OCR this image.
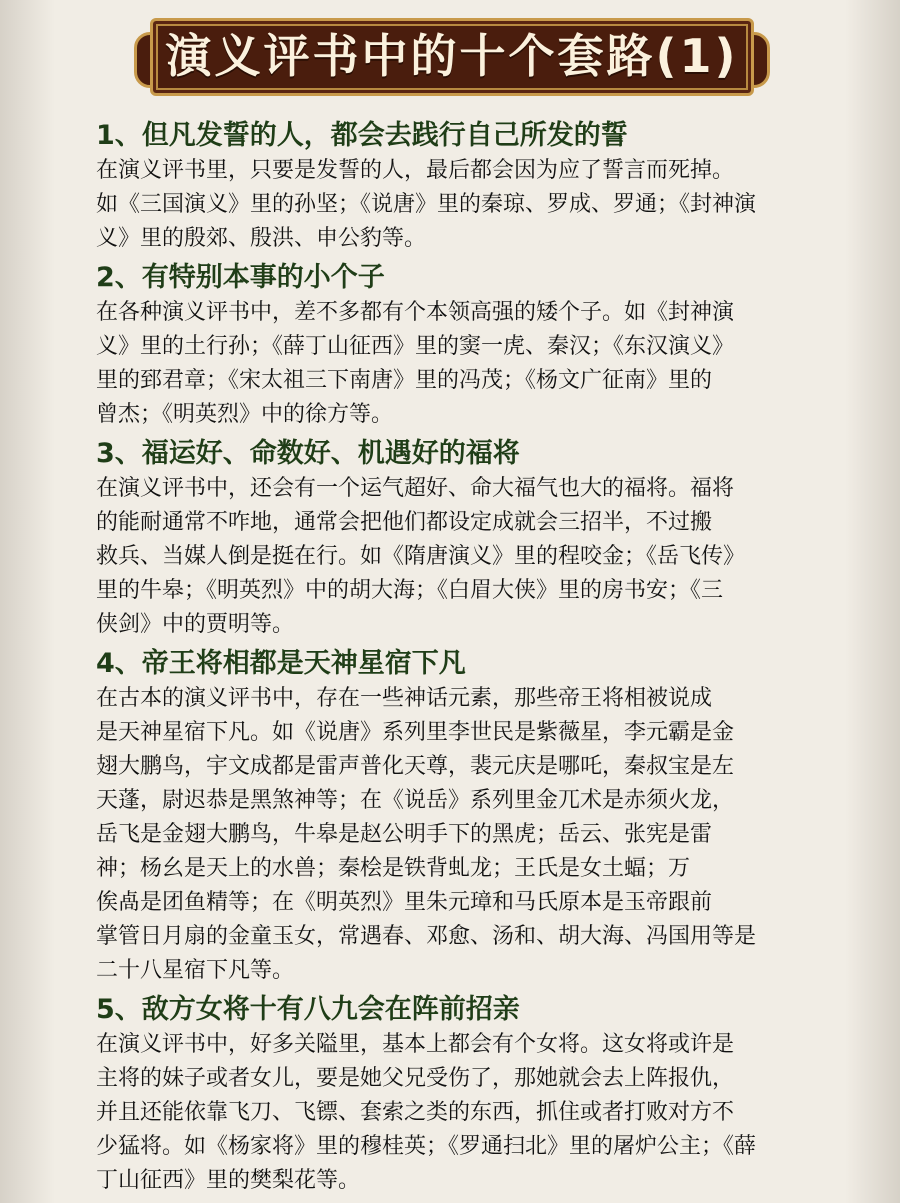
演义评书中的十个套路(1)
1、但凡发誓的人，都会去践行自己所发的誓
在演义评书里，只要是发誓的人，最后都会因为应了誓言而死掉。
如《三国演义》里的孙坚；《说唐》里的秦琼、罗成、罗通；《封神演
义》里的殷郊、殷洪、申公豹等。
2、有特别本事的小个子
在各种演义评书中，差不多都有个本领高强的矮个子。如《封神演
义》里的土行孙；《薛丁山征西》里的窦一虎、秦汉；《东汉演义》
里的郅君章；《宋太祖三下南唐》里的冯茂；《杨文广征南》里的
曾杰；《明英烈》中的徐方等。
3、福运好、命数好、机遇好的福将
在演义评书中，还会有一个运气超好、命大福气也大的福将。福将
的能耐通常不咋地，通常会把他们都设定成就会三招半，不过搬
救兵、当媒人倒是挺在行。如《隋唐演义》里的程咬金；《岳飞传》
里的牛皋；《明英烈》中的胡大海；《白眉大侠》里的房书安；《三
侠剑》中的贾明等。
4、帝王将相都是天神星宿下凡
在古本的演义评书中，存在一些神话元素，那些帝王将相被说成
是天神星宿下凡。如《说唐》系列里李世民是紫薇星，李元霸是金
翅大鹏鸟，宇文成都是雷声普化天尊，裴元庆是哪吒，秦叔宝是左
天蓬，尉迟恭是黑煞神等；在《说岳》系列里金兀术是赤须火龙，
岳飞是金翅大鹏鸟，牛皋是赵公明手下的黑虎；岳云、张宪是雷
神；杨幺是天上的水兽；秦桧是铁背虬龙；王氏是女土蝠；万
俟卨是团鱼精等；在《明英烈》里朱元璋和马氏原本是玉帝跟前
掌管日月扇的金童玉女，常遇春、邓愈、汤和、胡大海、冯国用等是
二十八星宿下凡等。
5、敌方女将十有八九会在阵前招亲
在演义评书中，好多关隘里，基本上都会有个女将。这女将或许是
主将的妹子或者女儿，要是她父兄受伤了，那她就会去上阵报仇，
并且还能依靠飞刀、飞镖、套索之类的东西，抓住或者打败对方不
少猛将。如《杨家将》里的穆桂英；《罗通扫北》里的屠炉公主；《薛
丁山征西》里的樊梨花等。
